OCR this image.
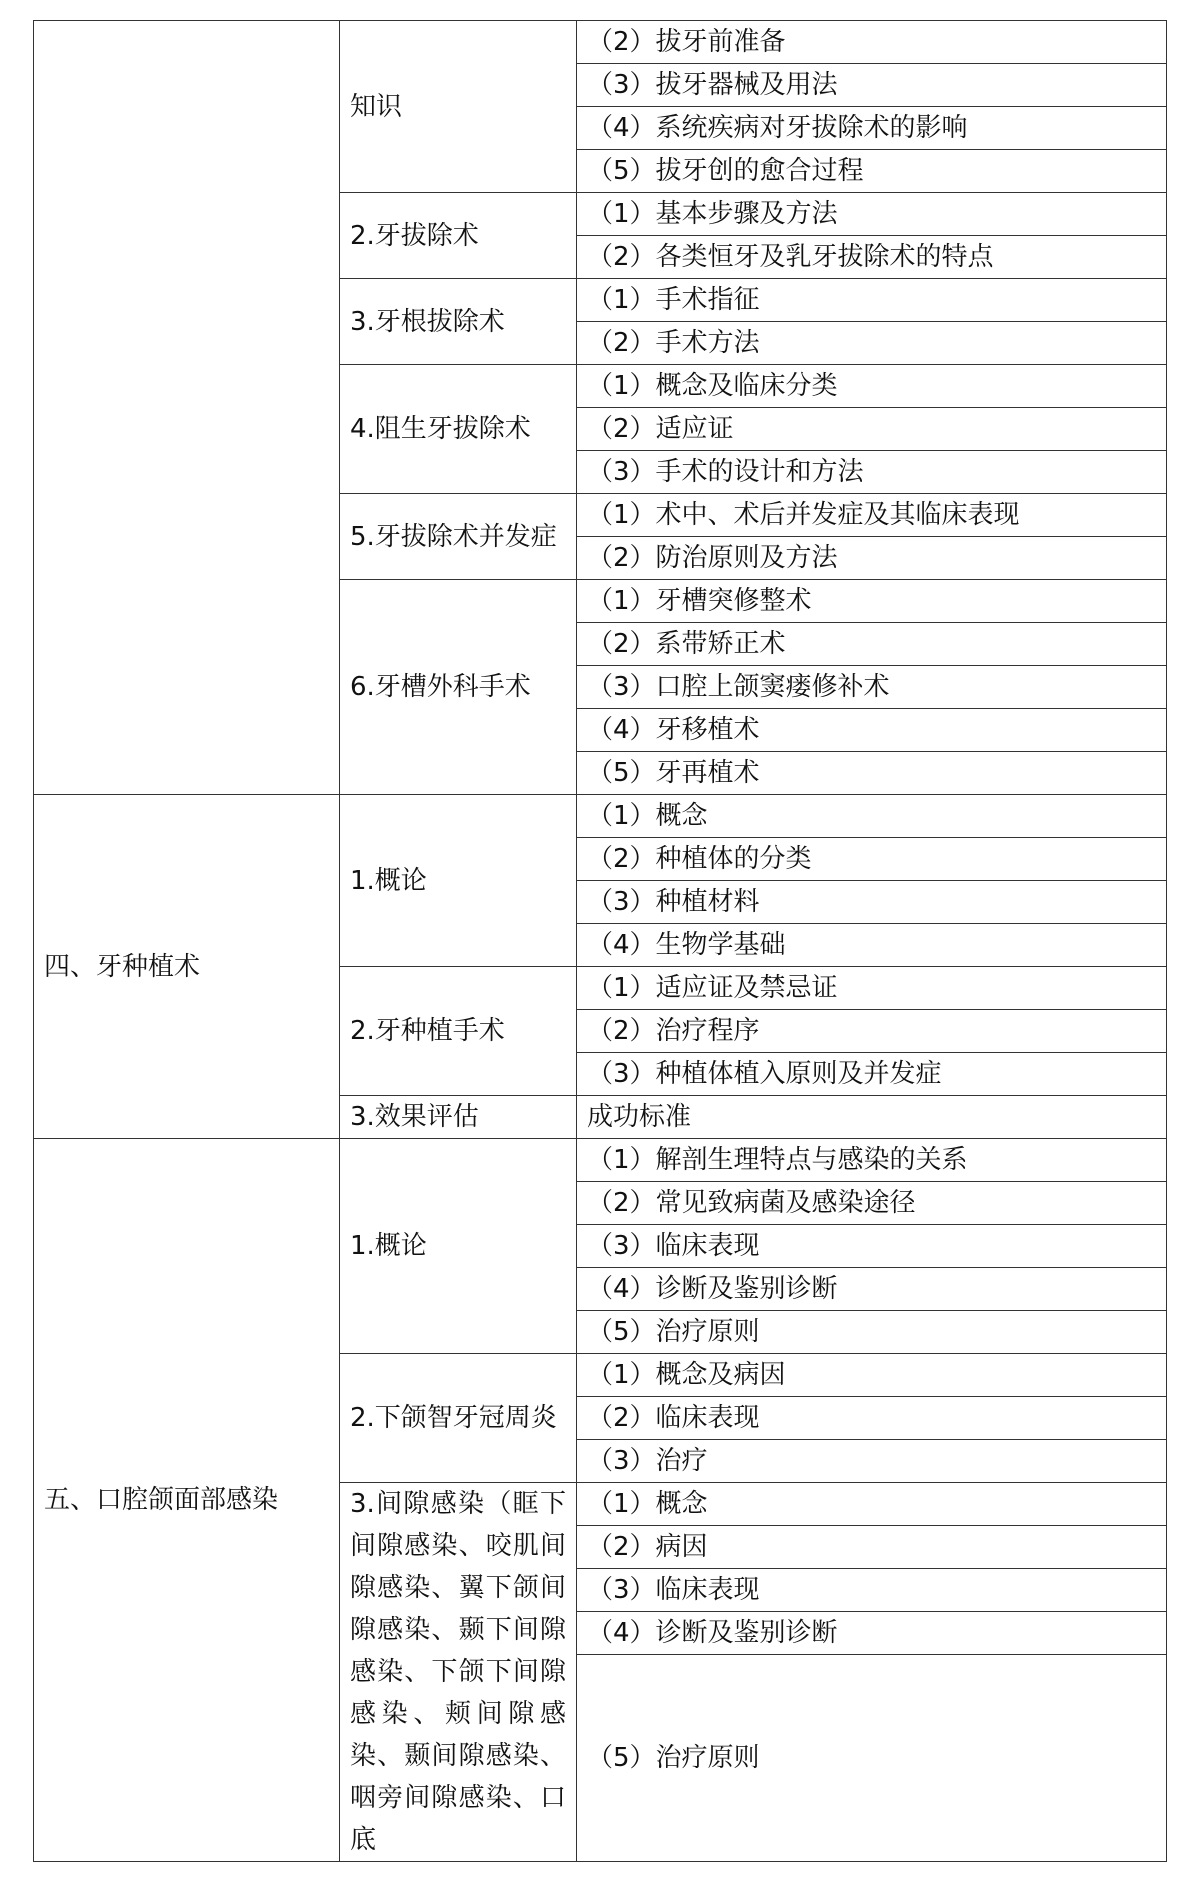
	知识	（2）拔牙前准备
		（3）拔牙器械及用法
		（4）系统疾病对牙拔除术的影响
		（5）拔牙创的愈合过程
	2.牙拔除术	（1）基本步骤及方法
		（2）各类恒牙及乳牙拔除术的特点
	3.牙根拔除术	（1）手术指征
		（2）手术方法
	4.阻生牙拔除术	（1）概念及临床分类
		（2）适应证
		（3）手术的设计和方法
	5.牙拔除术并发症	（1）术中、术后并发症及其临床表现
		（2）防治原则及方法
	6.牙槽外科手术	（1）牙槽突修整术
		（2）系带矫正术
		（3）口腔上颌窦瘘修补术
		（4）牙移植术
		（5）牙再植术
四、牙种植术	1.概论	（1）概念
		（2）种植体的分类
		（3）种植材料
		（4）生物学基础
	2.牙种植手术	（1）适应证及禁忌证
		（2）治疗程序
		（3）种植体植入原则及并发症
	3.效果评估	成功标准
五、口腔颌面部感染	1.概论	（1）解剖生理特点与感染的关系
		（2）常见致病菌及感染途径
		（3）临床表现
		（4）诊断及鉴别诊断
		（5）治疗原则
	2.下颌智牙冠周炎	（1）概念及病因
		（2）临床表现
		（3）治疗
	3.间隙感染（眶下间隙感染、咬肌间隙感染、翼下颌间隙感染、颞下间隙感染、下颌下间隙感染、颊间隙感染、颞间隙感染、咽旁间隙感染、口底	（1）概念
		（2）病因
		（3）临床表现
		（4）诊断及鉴别诊断
		（5）治疗原则
